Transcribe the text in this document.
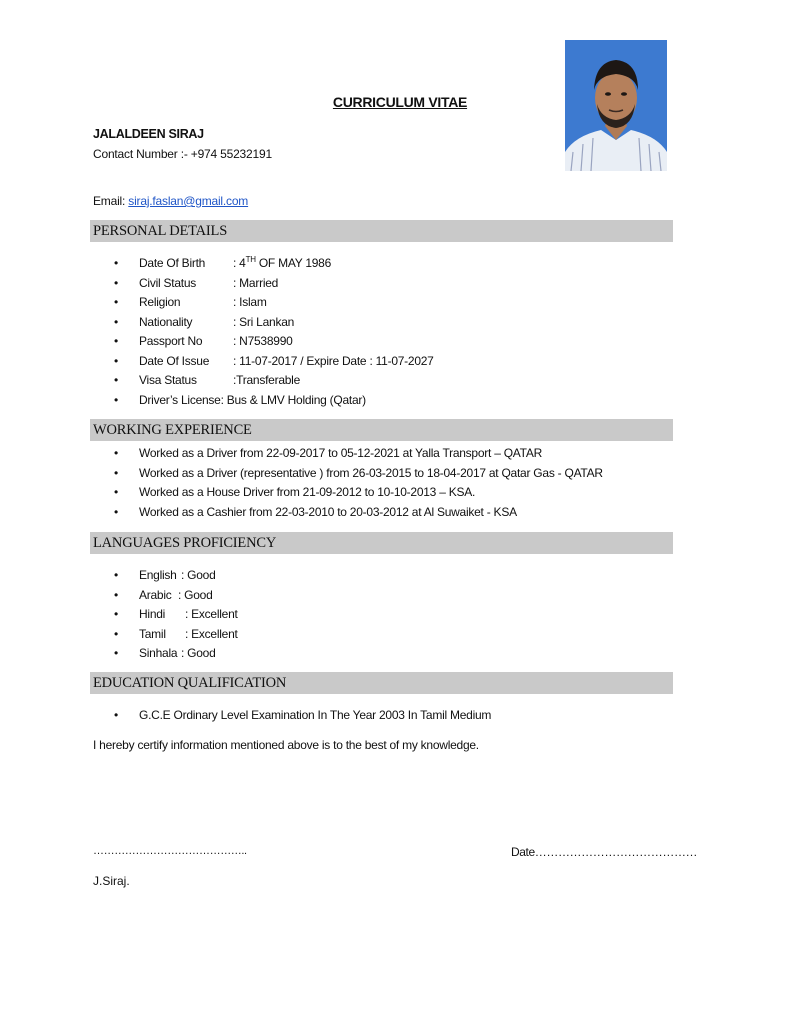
CURRICULUM VITAE
JALALDEEN SIRAJ
Contact Number :- +974 55232191
Email: siraj.faslan@gmail.com
PERSONAL DETAILS
• Date Of Birth : 4TH OF MAY 1986
• Civil Status	: Married
• Religion	: Islam
• Nationality	: Sri Lankan
• Passport No	: N7538990
• Date Of Issue : 11-07-2017 / Expire Date : 11-07-2027
• Visa Status	:Transferable
• Driver’s License: Bus & LMV Holding (Qatar)
WORKING EXPERIENCE
• Worked as a Driver from 22-09-2017 to 05-12-2021 at Yalla Transport – QATAR
• Worked as a Driver (representative ) from 26-03-2015 to 18-04-2017 at Qatar Gas - QATAR
• Worked as a House Driver from 21-09-2012 to 10-10-2013 – KSA.
• Worked as a Cashier from 22-03-2010 to 20-03-2012 at Al Suwaiket - KSA
LANGUAGES PROFICIENCY
• English : Good
• Arabic : Good
• Hindi : Excellent
• Tamil : Excellent
• Sinhala : Good
EDUCATION QUALIFICATION
• G.C.E Ordinary Level Examination In The Year 2003 In Tamil Medium
I hereby certify information mentioned above is to the best of my knowledge.
……………………………………..	Date……………………………………
J.Siraj.
